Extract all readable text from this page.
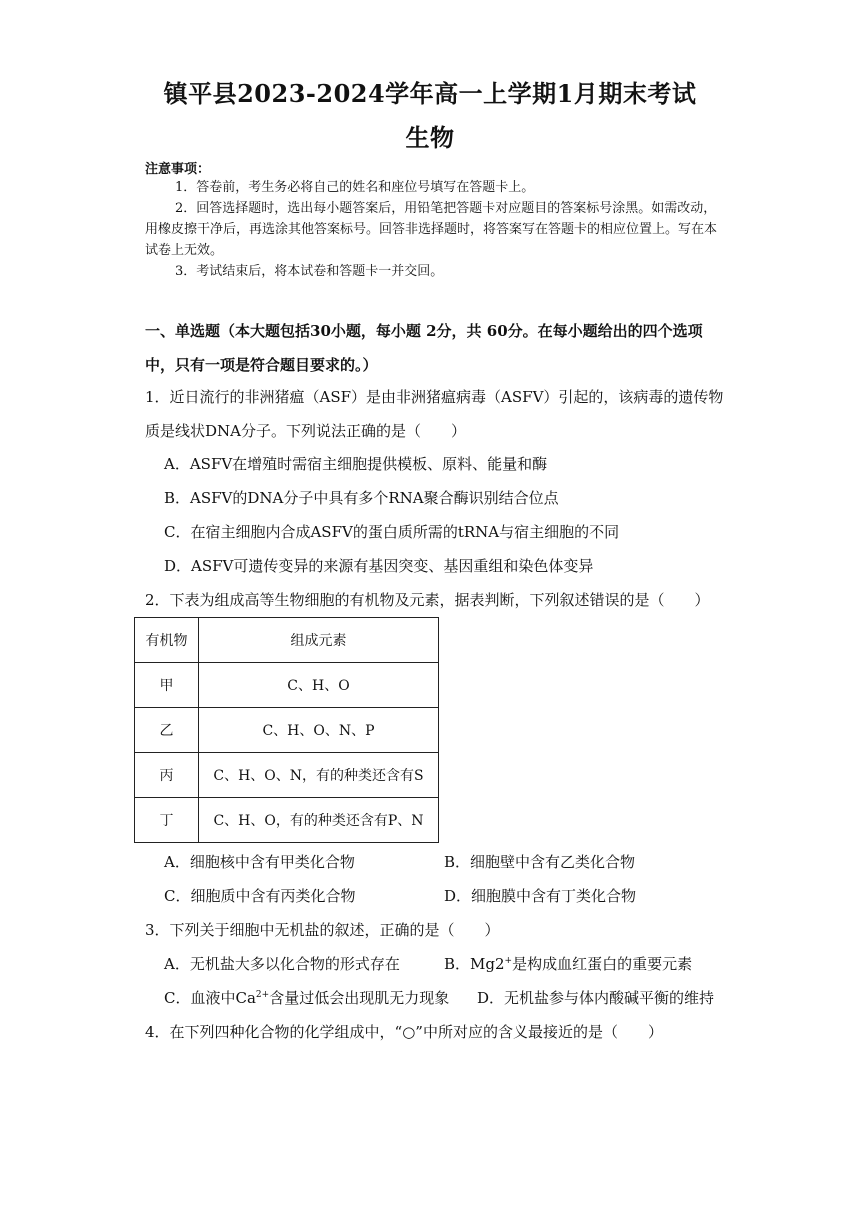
镇平县2023-2024学年高一上学期1月期末考试
生物
注意事项：
1．答卷前，考生务必将自己的姓名和座位号填写在答题卡上。
2．回答选择题时，选出每小题答案后，用铅笔把答题卡对应题目的答案标号涂黑。如需改动，用橡皮擦干净后，再选涂其他答案标号。回答非选择题时，将答案写在答题卡的相应位置上。写在本试卷上无效。
3．考试结束后，将本试卷和答题卡一并交回。
一、单选题（本大题包括30小题，每小题 2分，共 60分。在每小题给出的四个选项中，只有一项是符合题目要求的。）
1．近日流行的非洲猪瘟（ASF）是由非洲猪瘟病毒（ASFV）引起的，该病毒的遗传物质是线状DNA分子。下列说法正确的是（　　）
A．ASFV在增殖时需宿主细胞提供模板、原料、能量和酶
B．ASFV的DNA分子中具有多个RNA聚合酶识别结合位点
C．在宿主细胞内合成ASFV的蛋白质所需的tRNA与宿主细胞的不同
D．ASFV可遗传变异的来源有基因突变、基因重组和染色体变异
2．下表为组成高等生物细胞的有机物及元素，据表判断，下列叙述错误的是（　　）
有机物	组成元素
甲	C、H、O
乙	C、H、O、N、P
丙	C、H、O、N，有的种类还含有S
丁	C、H、O，有的种类还含有P、N
A．细胞核中含有甲类化合物	B．细胞壁中含有乙类化合物
C．细胞质中含有丙类化合物	D．细胞膜中含有丁类化合物
3．下列关于细胞中无机盐的叙述，正确的是（　　）
A．无机盐大多以化合物的形式存在	B．Mg2+是构成血红蛋白的重要元素
C．血液中$Ca^{2+}$含量过低会出现肌无力现象 D．无机盐参与体内酸碱平衡的维持
4．在下列四种化合物的化学组成中，“○”中所对应的含义最接近的是（　　）
